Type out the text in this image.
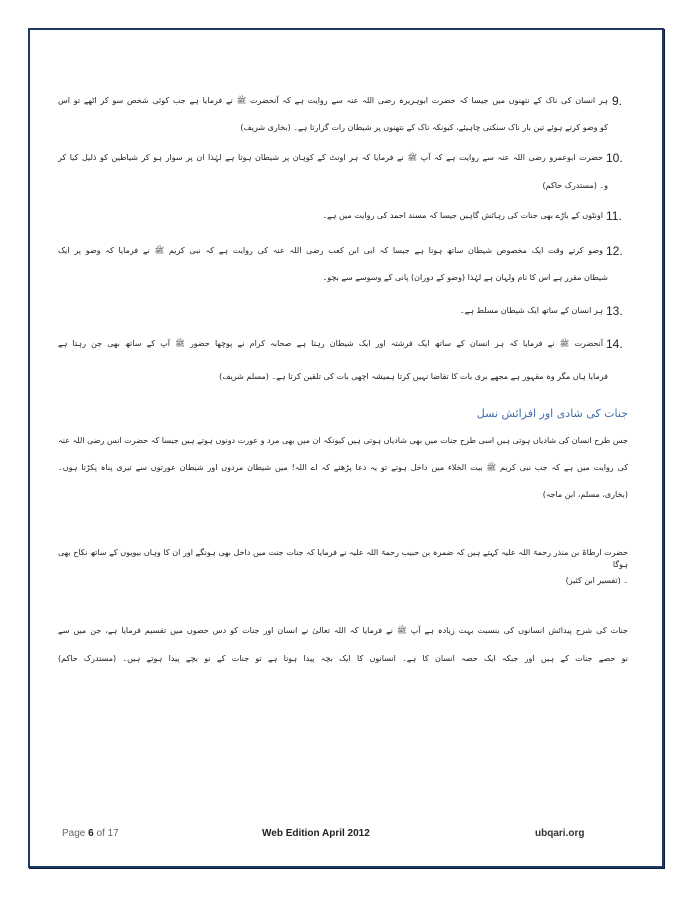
9.
ہر انسان کی ناک کے نتھنوں میں جیسا کہ حضرت ابوہریرہ رضی اللہ عنہ سے روایت ہے کہ آنحضرت ﷺ نے فرمایا ہے جب کوئی شخص سو کر اٹھے تو اس
کو وضو کرتے ہوئے تین بار ناک سنکنی چاہیئے، کیونکہ ناک کے نتھنوں پر شیطان رات گزارتا ہے۔ (بخاری شریف)
10.
حضرت ابوعمرو رضی اللہ عنہ سے روایت ہے کہ آپ ﷺ نے فرمایا کہ ہر اونٹ کے کوہان پر شیطان ہوتا ہے لہٰذا ان پر سوار ہو کر شیاطین کو ذلیل کیا کر
و۔ (مستدرک حاکم)
11.
اونٹوں کے باڑے بھی جنات کی رہائش گاہیں جیسا کہ مسند احمد کی روایت میں ہے۔
12.
وضو کرتے وقت ایک مخصوص شیطان ساتھ ہوتا ہے جیسا کہ ابی ابن کعب رضی اللہ عنہ کی روایت ہے کہ نبی کریم ﷺ نے فرمایا کہ وضو پر ایک
شیطان مقرر ہے اس کا نام ولہان ہے لہٰذا (وضو کے دوران) پانی کے وسوسے سے بچو۔
13.
ہر انسان کے ساتھ ایک شیطان مسلط ہے۔
14.
آنحضرت ﷺ نے فرمایا کہ ہر انسان کے ساتھ ایک فرشتہ اور ایک شیطان رہتا ہے صحابہ کرام نے پوچھا حضور ﷺ آپ کے ساتھ بھی جن رہتا ہے
فرمایا ہاں مگر وہ مقہور ہے مجھے بری بات کا تقاضا نہیں کرتا ہمیشہ اچھی بات کی تلقین کرتا ہے۔ (مسلم شریف)
جنات کی شادی اور افزائش نسل
جس طرح انسان کی شادیاں ہوتی ہیں اسی طرح جنات میں بھی شادیاں ہوتی ہیں کیونکہ ان میں بھی مرد و عورت دونوں ہوتے ہیں جیسا کہ حضرت انس رضی اللہ عنہ
کی روایت میں ہے کہ جب نبی کریم ﷺ بیت الخلاء میں داخل ہوتے تو یہ دعا پڑھتے کہ اے اللہ! میں شیطان مردوں اور شیطان عورتوں سے تیری پناہ پکڑتا ہوں۔
(بخاری، مسلم، ابن ماجہ)
حضرت ارطاۃ بن منذر رحمۃ اللہ علیہ کہتے ہیں کہ ضمرہ بن حبیب رحمۃ اللہ علیہ نے فرمایا کہ جنات جنت میں داخل بھی ہونگے اور ان کا وہاں بیویوں کے ساتھ نکاح بھی ہوگا
۔ (تفسیر ابن کثیر)
جنات کی شرح پیدائش انسانوں کی بنسبت بہت زیادہ ہے آپ ﷺ نے فرمایا کہ اللہ تعالیٰ نے انسان اور جنات کو دس حصوں میں تقسیم فرمایا ہے، جن میں سے
نو حصے جنات کے ہیں اور جبکہ ایک حصہ انسان کا ہے۔ انسانوں کا ایک بچہ پیدا ہوتا ہے تو جنات کے نو بچے پیدا ہوتے ہیں۔ (مستدرک حاکم)
Page 6 of 17	Web Edition April 2012	ubqari.org
